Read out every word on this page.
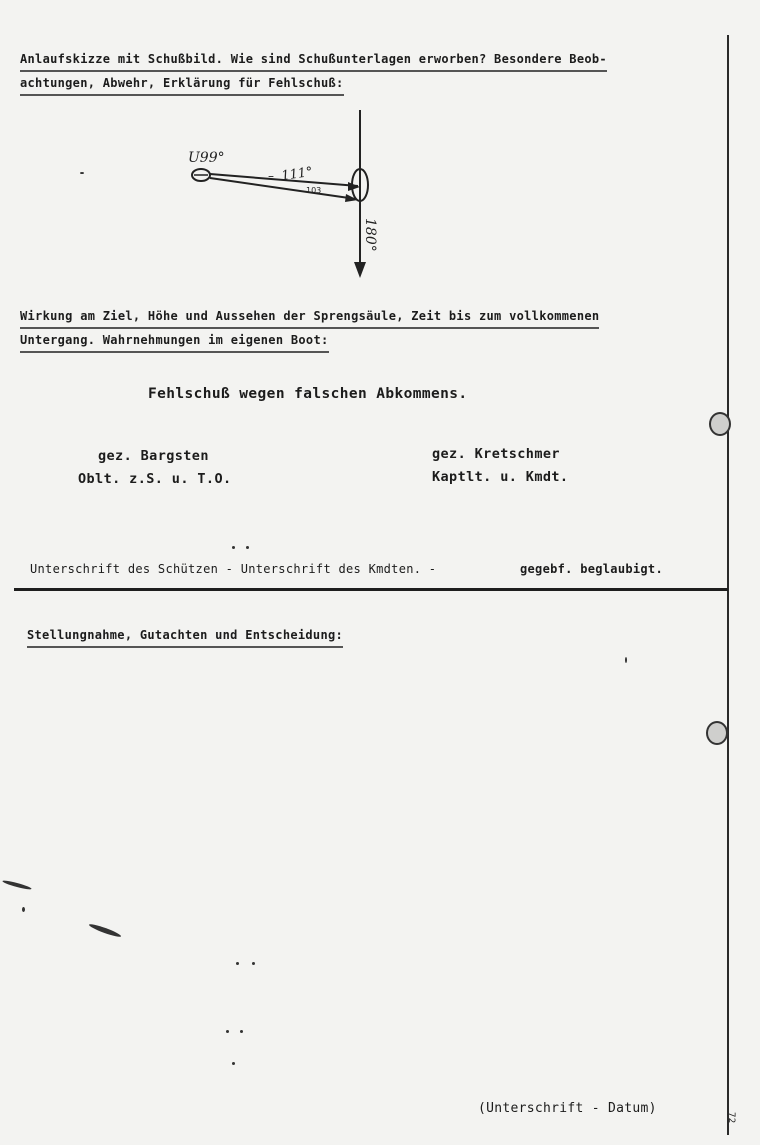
Anlaufskizze mit Schußbild. Wie sind Schußunterlagen erworben? Besondere Beob-
achtungen, Abwehr, Erklärung für Fehlschuß:
U99°
111°
–
103
180°
Wirkung am Ziel, Höhe und Aussehen der Sprengsäule, Zeit bis zum vollkommenen
Untergang. Wahrnehmungen im eigenen Boot:
Fehlschuß wegen falschen Abkommens.
gez. Bargsten
Oblt. z.S. u. T.O.
gez. Kretschmer
Kaptlt. u. Kmdt.
Unterschrift des Schützen - Unterschrift des Kmdten. -	gegebf. beglaubigt.
Stellungnahme, Gutachten und Entscheidung:
(Unterschrift - Datum)
72
